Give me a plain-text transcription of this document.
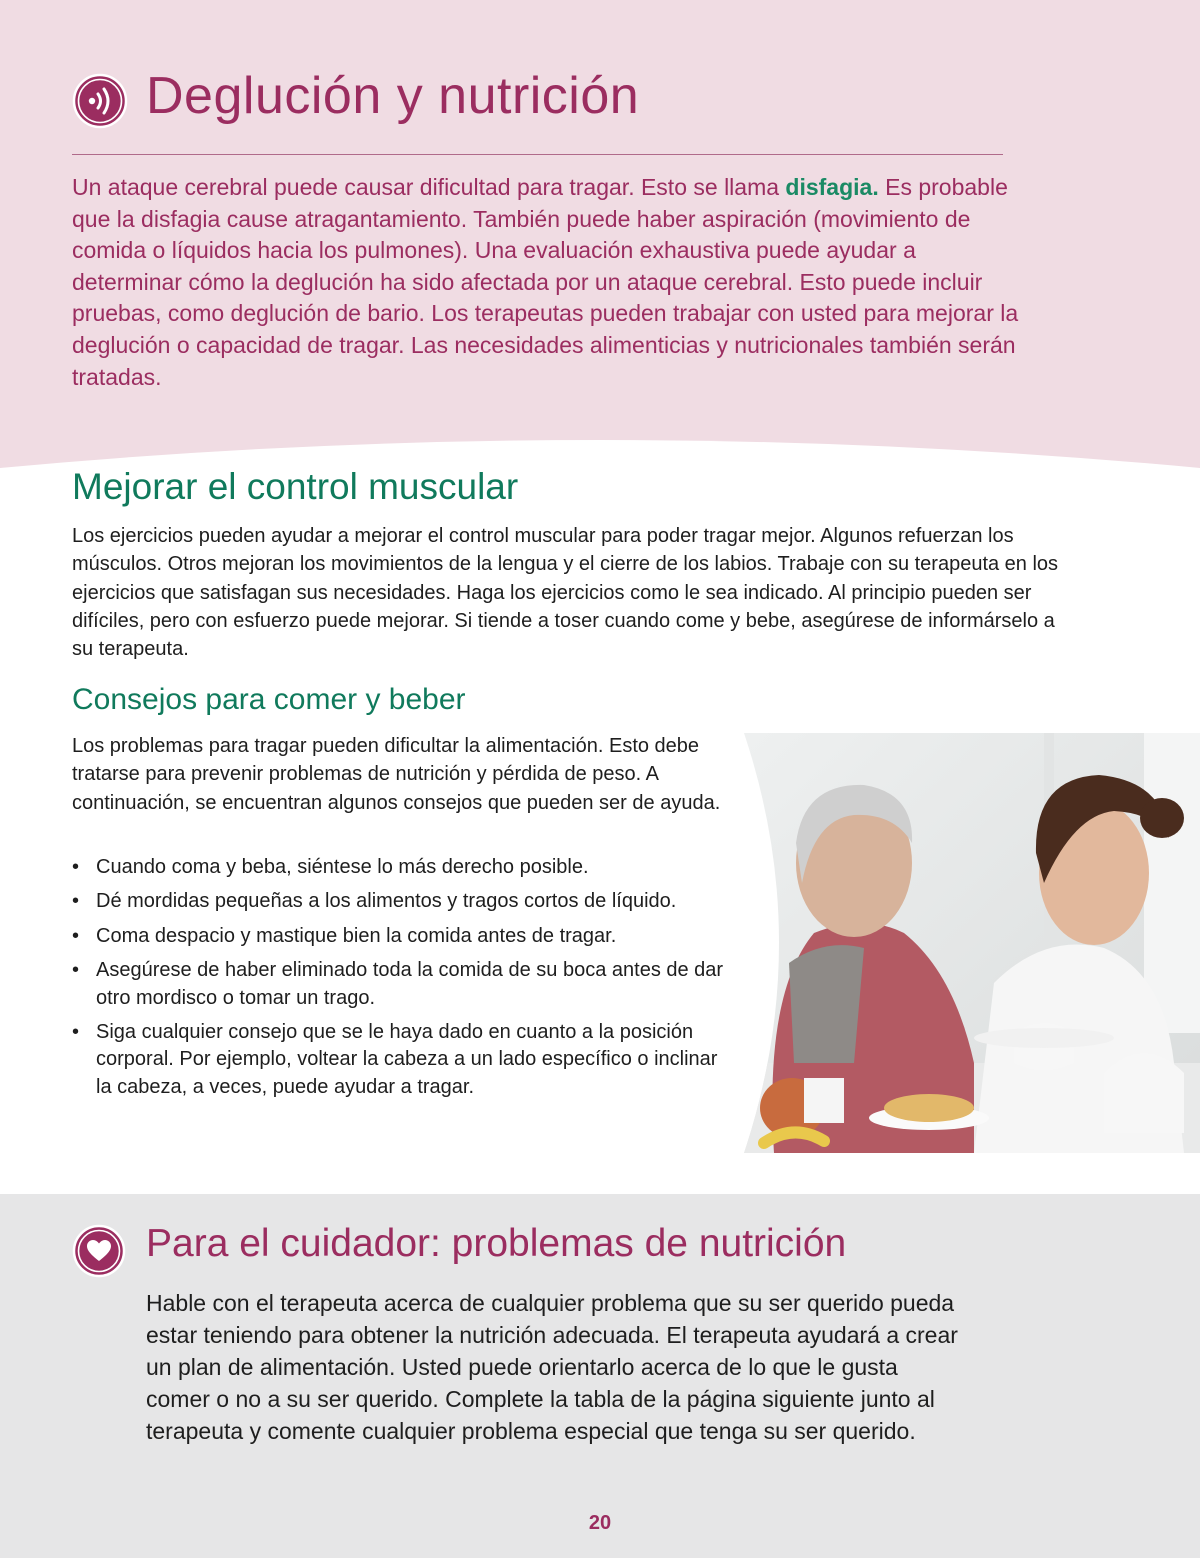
Deglución y nutrición

Un ataque cerebral puede causar dificultad para tragar. Esto se llama disfagia. Es probable que la disfagia cause atragantamiento. También puede haber aspiración (movimiento de comida o líquidos hacia los pulmones). Una evaluación exhaustiva puede ayudar a determinar cómo la deglución ha sido afectada por un ataque cerebral. Esto puede incluir pruebas, como deglución de bario. Los terapeutas pueden trabajar con usted para mejorar la deglución o capacidad de tragar. Las necesidades alimenticias y nutricionales también serán tratadas.

Mejorar el control muscular

Los ejercicios pueden ayudar a mejorar el control muscular para poder tragar mejor. Algunos refuerzan los músculos. Otros mejoran los movimientos de la lengua y el cierre de los labios. Trabaje con su terapeuta en los ejercicios que satisfagan sus necesidades. Haga los ejercicios como le sea indicado. Al principio pueden ser difíciles, pero con esfuerzo puede mejorar. Si tiende a toser cuando come y bebe, asegúrese de informárselo a su terapeuta.

Consejos para comer y beber

Los problemas para tragar pueden dificultar la alimentación. Esto debe tratarse para prevenir problemas de nutrición y pérdida de peso. A continuación, se encuentran algunos consejos que pueden ser de ayuda.

• Cuando coma y beba, siéntese lo más derecho posible.
• Dé mordidas pequeñas a los alimentos y tragos cortos de líquido.
• Coma despacio y mastique bien la comida antes de tragar.
• Asegúrese de haber eliminado toda la comida de su boca antes de dar otro mordisco o tomar un trago.
• Siga cualquier consejo que se le haya dado en cuanto a la posición corporal. Por ejemplo, voltear la cabeza a un lado específico o inclinar la cabeza, a veces, puede ayudar a tragar.
Para el cuidador: problemas de nutrición

Hable con el terapeuta acerca de cualquier problema que su ser querido pueda estar teniendo para obtener la nutrición adecuada. El terapeuta ayudará a crear un plan de alimentación. Usted puede orientarlo acerca de lo que le gusta comer o no a su ser querido. Complete la tabla de la página siguiente junto al terapeuta y comente cualquier problema especial que tenga su ser querido.

20
